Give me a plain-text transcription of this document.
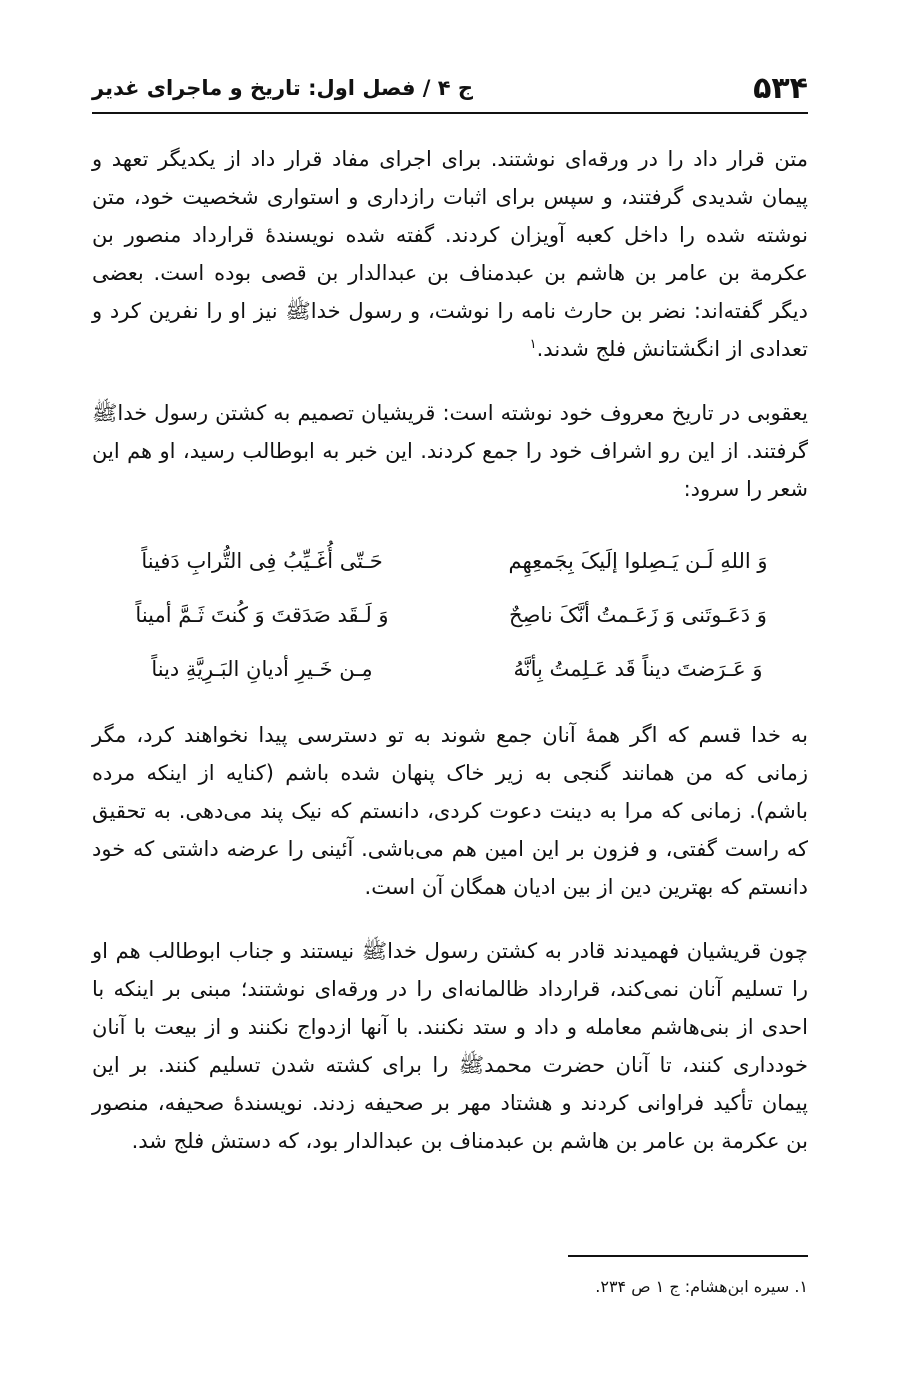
۵۳۴
ج ۴ / فصل اول: تاریخ و ماجرای غدیر

متن قرار داد را در ورقه‌ای نوشتند. برای اجرای مفاد قرار داد از یکدیگر تعهد و پیمان شدیدی گرفتند، و سپس برای اثبات رازداری و استواری شخصیت خود، متن نوشته شده را داخل کعبه آویزان کردند. گفته شده نویسندهٔ قرارداد منصور بن عکرمة بن عامر بن هاشم بن عبدمناف بن عبدالدار بن قصی بوده است. بعضی دیگر گفته‌اند: نضر بن حارث نامه را نوشت، و رسول خداﷺ نیز او را نفرین کرد و تعدادی از انگشتانش فلج شدند.$^۱$

یعقوبی در تاریخ معروف خود نوشته است: قریشیان تصمیم به کشتن رسول خداﷺ گرفتند. از این رو اشراف خود را جمع کردند. این خبر به ابوطالب رسید، او هم این شعر را سرود:

وَ اللهِ لَـن یَـصِلوا إلَیکَ بِجَمعِهِم
حَـتّی أُغَـیِّبُ فِی التُّرابِ دَفیناً
وَ دَعَـوتَنی وَ زَعَـمتُ أنَّکَ ناصِحٌ
وَ لَـقَد صَدَقتَ وَ کُنتَ ثَـمَّ أمیناً
وَ عَـرَضتَ دیناً قَد عَـلِمتُ بِأنَّهُ
مِـن خَـیرِ أدیانِ البَـرِیَّةِ دیناً

به خدا قسم که اگر همهٔ آنان جمع شوند به تو دسترسی پیدا نخواهند کرد، مگر زمانی که من همانند گنجی به زیر خاک پنهان شده باشم (کنایه از اینکه مرده باشم). زمانی که مرا به دینت دعوت کردی، دانستم که نیک پند می‌دهی. به تحقیق که راست گفتی، و فزون بر این امین هم می‌باشی. آئینی را عرضه داشتی که خود دانستم که بهترین دین از بین ادیان همگان آن است.

چون قریشیان فهمیدند قادر به کشتن رسول خداﷺ نیستند و جناب ابوطالب هم او را تسلیم آنان نمی‌کند، قرارداد ظالمانه‌ای را در ورقه‌ای نوشتند؛ مبنی بر اینکه با احدی از بنی‌هاشم معامله و داد و ستد نکنند. با آنها ازدواج نکنند و از بیعت با آنان خودداری کنند، تا آنان حضرت محمدﷺ را برای کشته شدن تسلیم کنند. بر این پیمان تأکید فراوانی کردند و هشتاد مهر بر صحیفه زدند. نویسندهٔ صحیفه، منصور بن عکرمة بن عامر بن هاشم بن عبدمناف بن عبدالدار بود، که دستش فلج شد.

۱. سیره ابن‌هشام: ج ۱ ص ۲۳۴.
